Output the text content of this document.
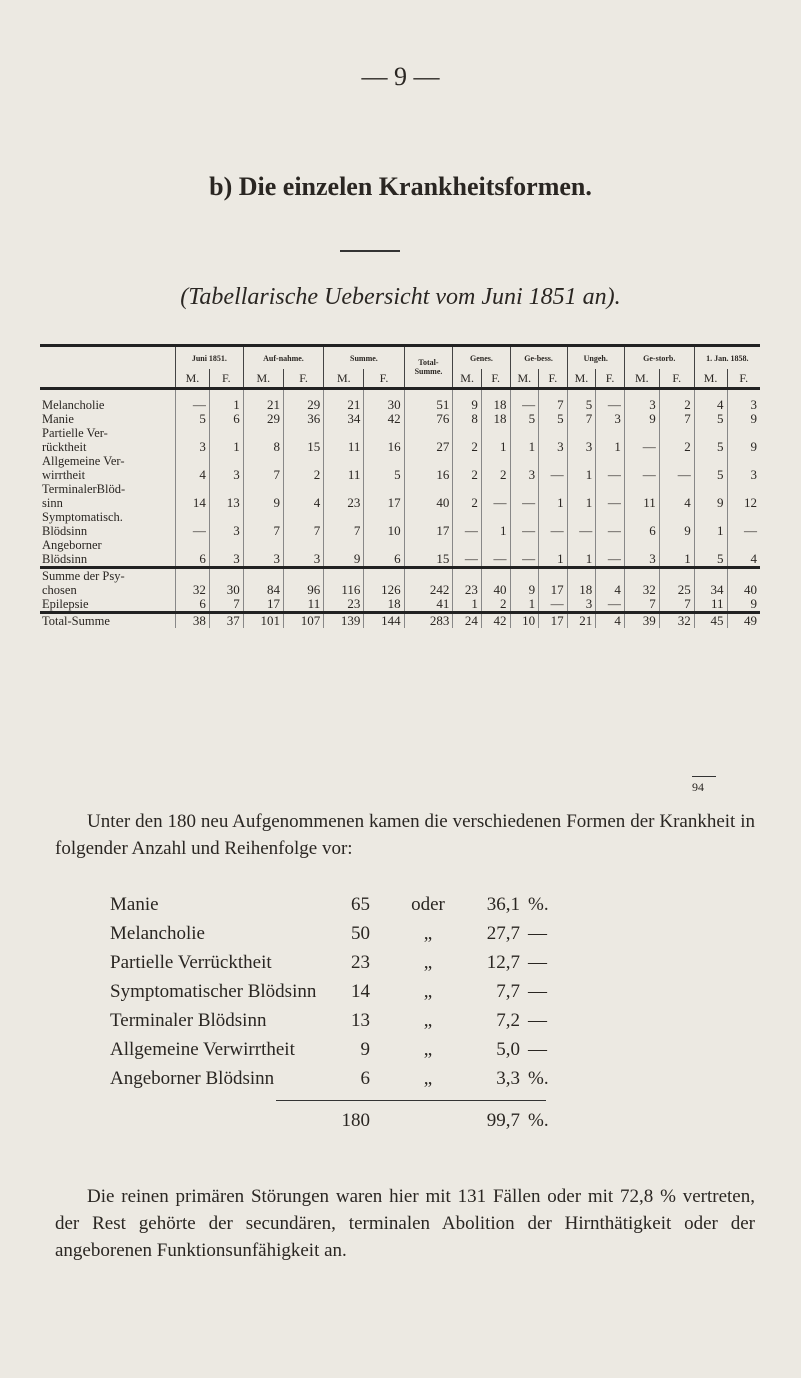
— 9 —
b) Die einzelen Krankheitsformen.
(Tabellarische Uebersicht vom Juni 1851 an).
	Juni 1851.		Auf-nahme.		Summe.		Total-Summe.	Genes.		Ge-bess.		Ungeh.		Ge-storb.		1. Jan. 1858.	
	M.	F.	M.	F.	M.	F.		M.	F.	M.	F.	M.	F.	M.	F.	M.	F.
Melancholie	—	1	21	29	21	30	51	9	18	—	7	5	—	3	2	4	3
Manie	5	6	29	36	34	42	76	8	18	5	5	7	3	9	7	5	9
Partielle Ver-																	
rücktheit	3	1	8	15	11	16	27	2	1	1	3	3	1	—	2	5	9
Allgemeine Ver-																	
wirrtheit	4	3	7	2	11	5	16	2	2	3	—	1	—	—	—	5	3
TerminalerBlöd-																	
sinn	14	13	9	4	23	17	40	2	—	—	1	1	—	11	4	9	12
Symptomatisch.																	
Blödsinn	—	3	7	7	7	10	17	—	1	—	—	—	—	6	9	1	—
Angeborner																	
Blödsinn	6	3	3	3	9	6	15	—	—	—	1	1	—	3	1	5	4
Summe der Psy-																	
chosen	32	30	84	96	116	126	242	23	40	9	17	18	4	32	25	34	40
Epilepsie	6	7	17	11	23	18	41	1	2	1	—	3	—	7	7	11	9
Total-Summe	38	37	101	107	139	144	283	24	42	10	17	21	4	39	32	45	49
94
Unter den 180 neu Aufgenommenen kamen die verschiedenen Formen der Krankheit in folgender Anzahl und Reihenfolge vor:
Manie	65 oder	36,1 %.
Melancholie	50	„	27,7 —
Partielle Verrücktheit	23	„	12,7 —
Symptomatischer Blödsinn	14	„	7,7 —
Terminaler Blödsinn	13	„	7,2 —
Allgemeine Verwirrtheit	9	„	5,0 —
Angeborner Blödsinn	6	„	3,3 %.
180	99,7 %.
Die reinen primären Störungen waren hier mit 131 Fällen oder mit 72,8 % vertreten, der Rest gehörte der secundären, terminalen Abolition der Hirnthätigkeit oder der angeborenen Funktionsunfähigkeit an.
